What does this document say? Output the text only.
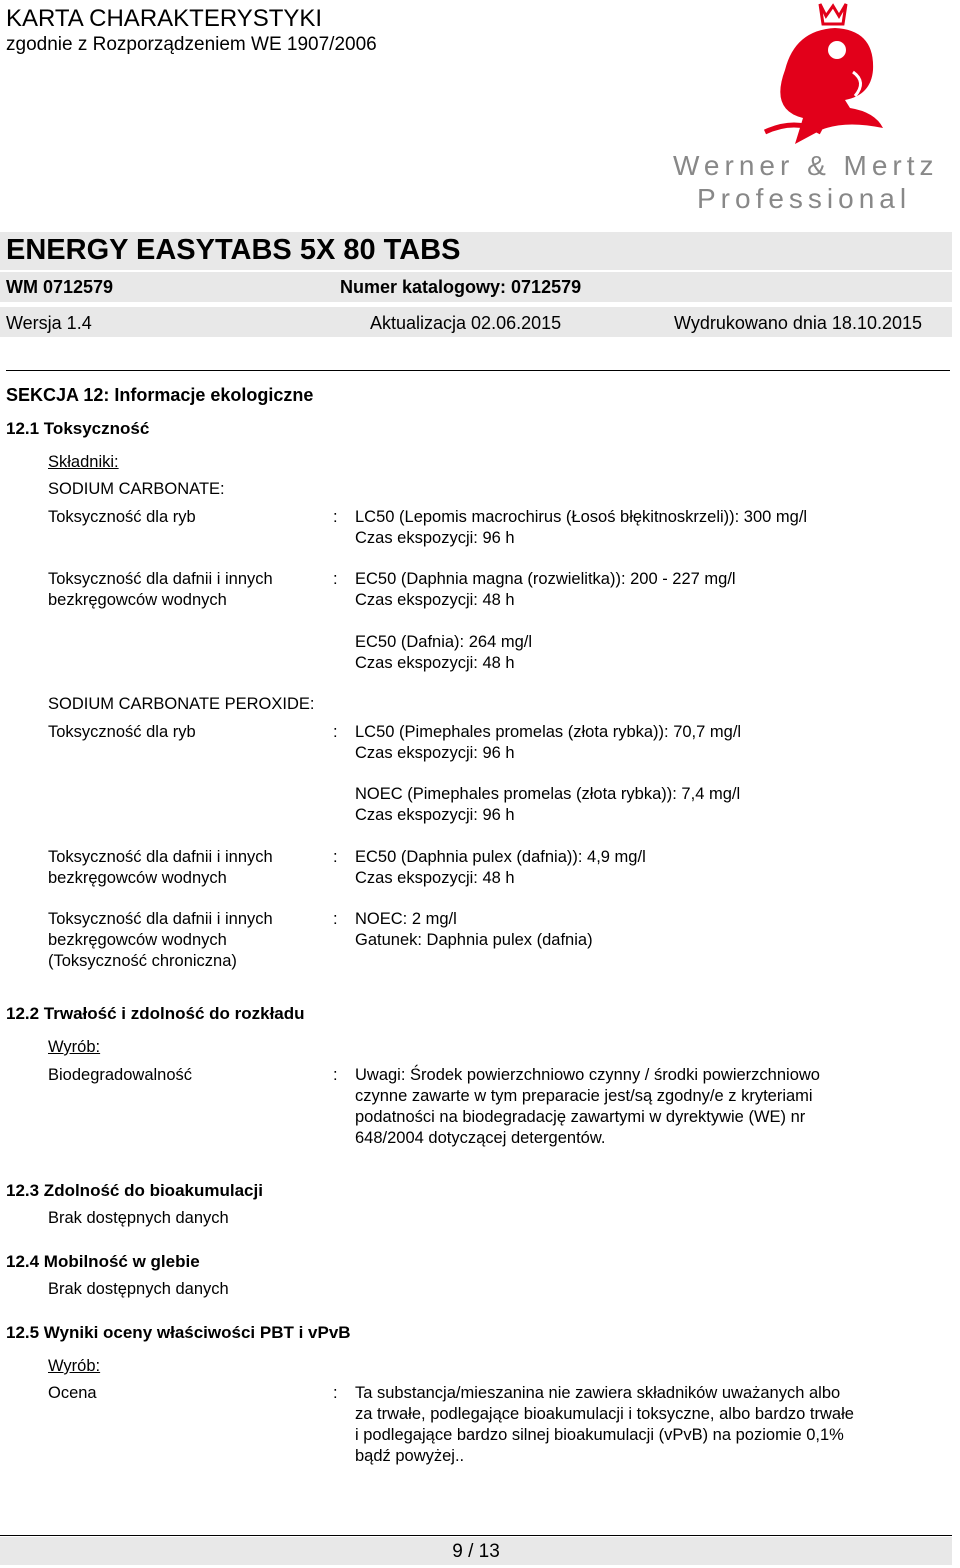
KARTA CHARAKTERYSTYKI
zgodnie z Rozporządzeniem WE 1907/2006
Werner & Mertz
Professional
ENERGY EASYTABS 5X 80 TABS
WM 0712579	Numer katalogowy: 0712579
Wersja 1.4	Aktualizacja 02.06.2015	Wydrukowano dnia 18.10.2015
SEKCJA 12: Informacje ekologiczne
12.1 Toksyczność
Składniki:
SODIUM CARBONATE:
Toksyczność dla ryb	: LC50 (Lepomis macrochirus (Łosoś błękitnoskrzeli)): 300 mg/l
Czas ekspozycji: 96 h
Toksyczność dla dafnii i innych
bezkręgowców wodnych
: EC50 (Daphnia magna (rozwielitka)): 200 - 227 mg/l
Czas ekspozycji: 48 h
EC50 (Dafnia): 264 mg/l
Czas ekspozycji: 48 h
SODIUM CARBONATE PEROXIDE:
Toksyczność dla ryb	: LC50 (Pimephales promelas (złota rybka)): 70,7 mg/l
Czas ekspozycji: 96 h
NOEC (Pimephales promelas (złota rybka)): 7,4 mg/l
Czas ekspozycji: 96 h
Toksyczność dla dafnii i innych
bezkręgowców wodnych
: EC50 (Daphnia pulex (dafnia)): 4,9 mg/l
Czas ekspozycji: 48 h
Toksyczność dla dafnii i innych
bezkręgowców wodnych
(Toksyczność chroniczna)
: NOEC: 2 mg/l
Gatunek: Daphnia pulex (dafnia)
12.2 Trwałość i zdolność do rozkładu
Wyrób:
Biodegradowalność	: Uwagi: Środek powierzchniowo czynny / środki powierzchniowo
czynne zawarte w tym preparacie jest/są zgodny/e z kryteriami
podatności na biodegradację zawartymi w dyrektywie (WE) nr
648/2004 dotyczącej detergentów.
12.3 Zdolność do bioakumulacji
Brak dostępnych danych
12.4 Mobilność w glebie
Brak dostępnych danych
12.5 Wyniki oceny właściwości PBT i vPvB
Wyrób:
Ocena	: Ta substancja/mieszanina nie zawiera składników uważanych albo
za trwałe, podlegające bioakumulacji i toksyczne, albo bardzo trwałe
i podlegające bardzo silnej bioakumulacji (vPvB) na poziomie 0,1%
bądź powyżej..
9 / 13
